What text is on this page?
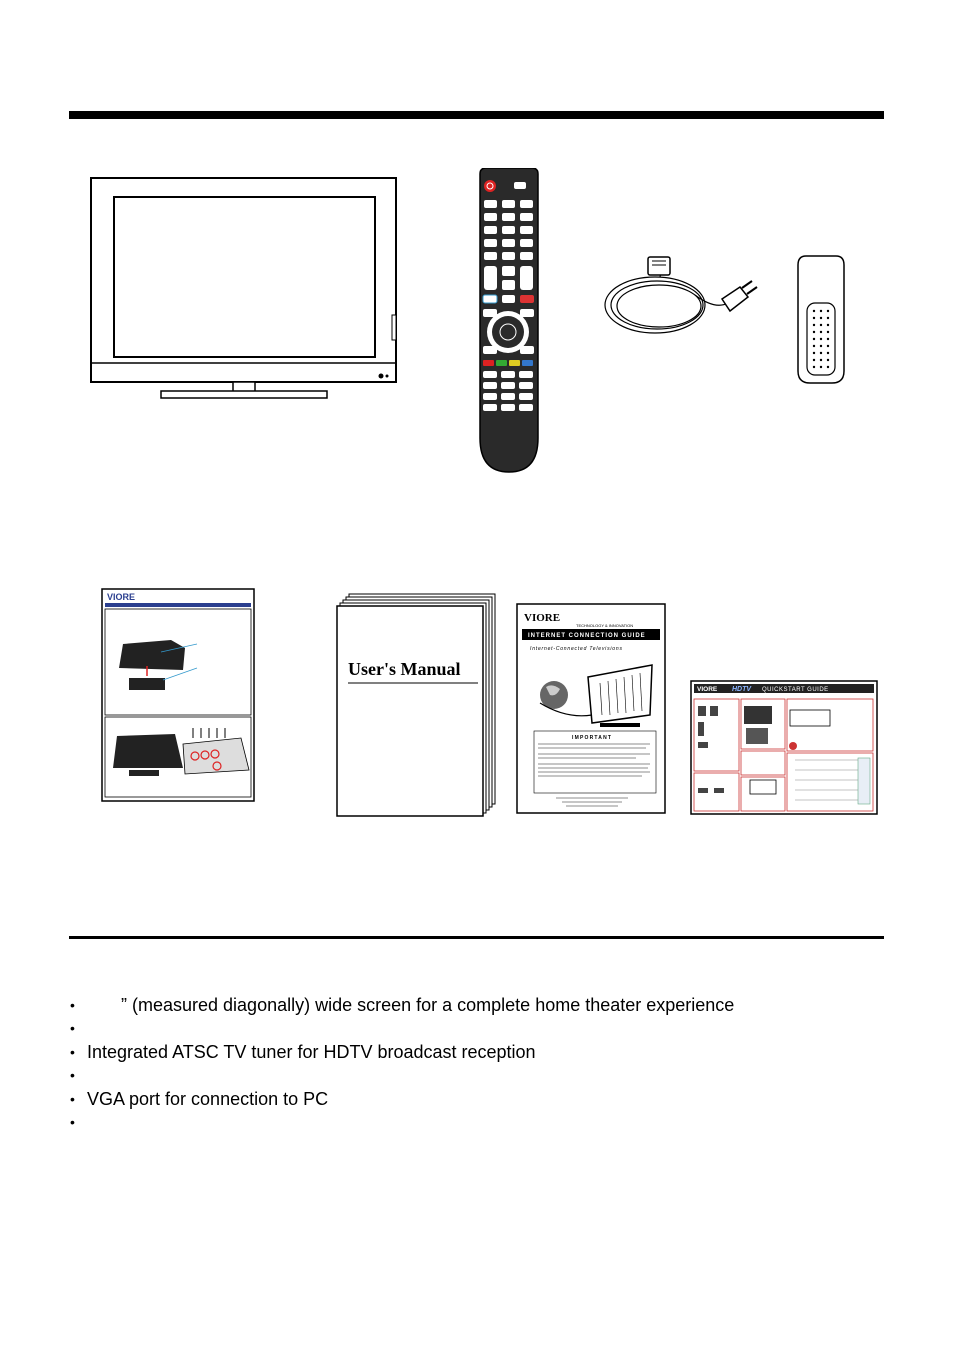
VIORE
User's Manual
VIORE
TECHNOLOGY & INNOVATION
INTERNET CONNECTION GUIDE
Internet-Connected Televisions
IMPORTANT
VIORE HDTV QUICKSTART GUIDE
•	” (measured diagonally) wide screen for a complete home theater experience
•
• Integrated ATSC TV tuner for HDTV broadcast reception
•
• VGA port for connection to PC
•
